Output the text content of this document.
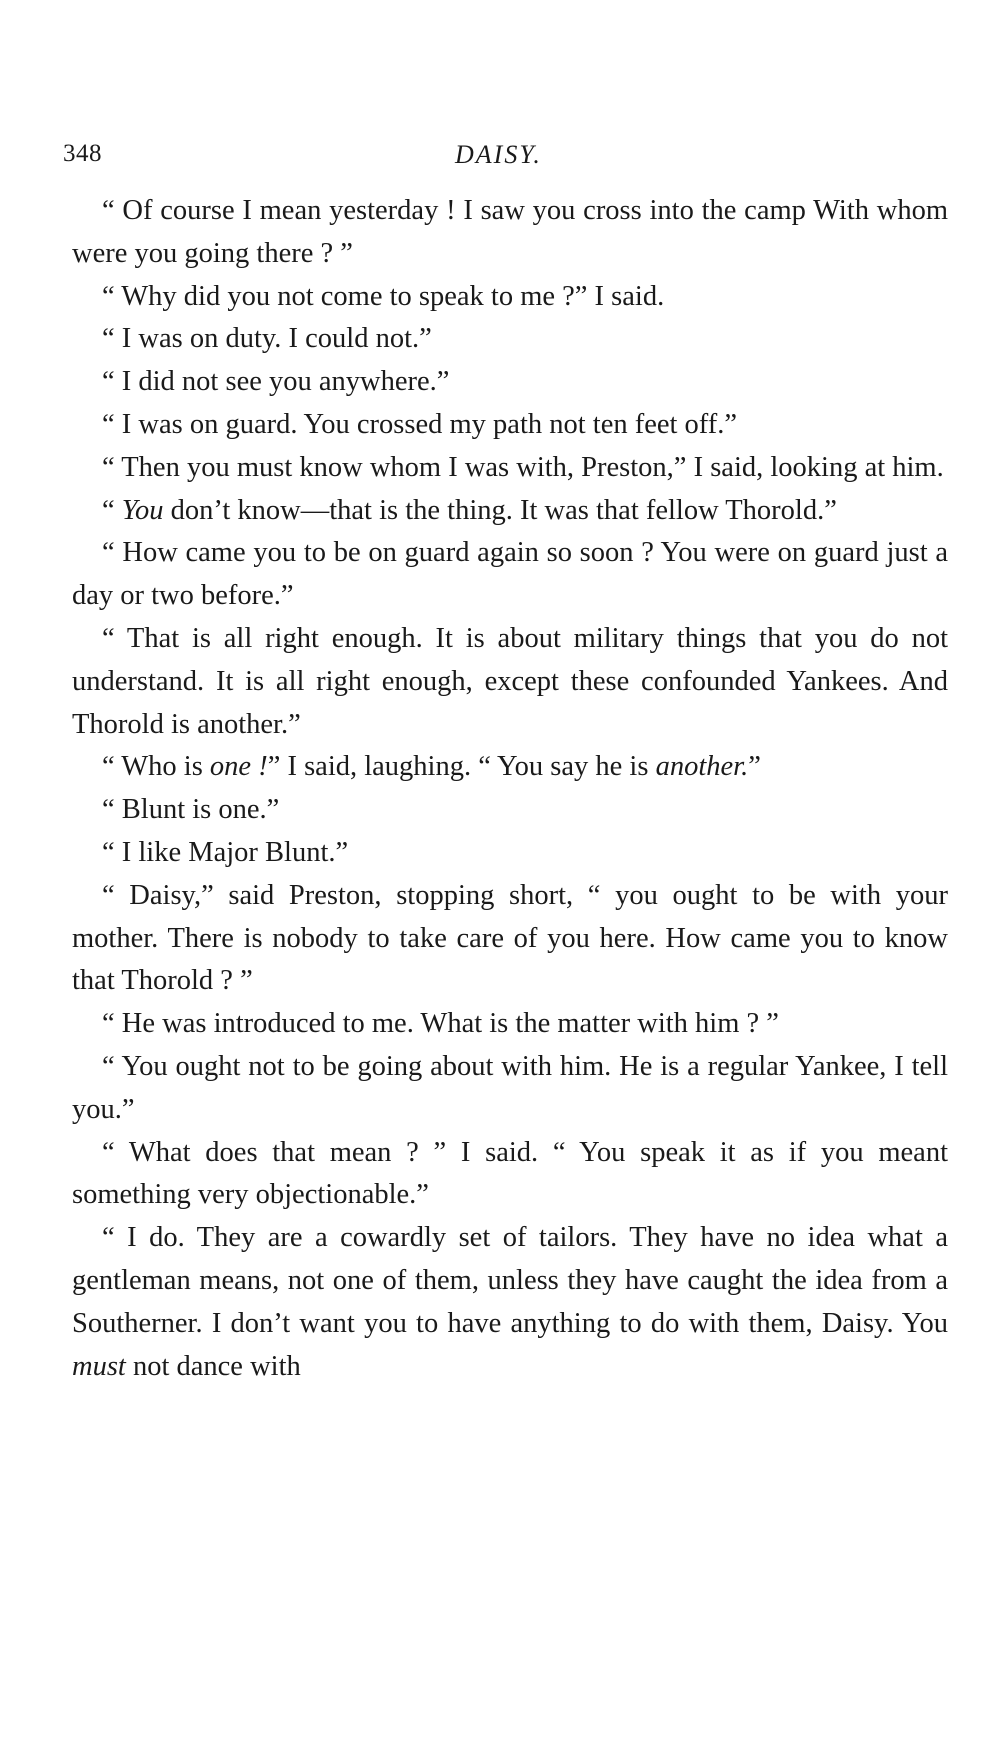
348	DAISY.

“ Of course I mean yesterday ! I saw you cross into the camp With whom were you going there ? ”

“ Why did you not come to speak to me ?” I said.

“ I was on duty. I could not.”

“ I did not see you anywhere.”

“ I was on guard. You crossed my path not ten feet off.”

“ Then you must know whom I was with, Preston,” I said, looking at him.

“ You don’t know—that is the thing. It was that fellow Thorold.”

“ How came you to be on guard again so soon ? You were on guard just a day or two before.”

“ That is all right enough. It is about military things that you do not understand. It is all right enough, except these confounded Yankees. And Thorold is another.”

“ Who is one !” I said, laughing. “ You say he is another.”

“ Blunt is one.”

“ I like Major Blunt.”

“ Daisy,” said Preston, stopping short, “ you ought to be with your mother. There is nobody to take care of you here. How came you to know that Thorold ? ”

“ He was introduced to me. What is the matter with him ? ”

“ You ought not to be going about with him. He is a regular Yankee, I tell you.”

“ What does that mean ? ” I said. “ You speak it as if you meant something very objectionable.”

“ I do. They are a cowardly set of tailors. They have no idea what a gentleman means, not one of them, unless they have caught the idea from a Southerner. I don’t want you to have anything to do with them, Daisy. You must not dance with
